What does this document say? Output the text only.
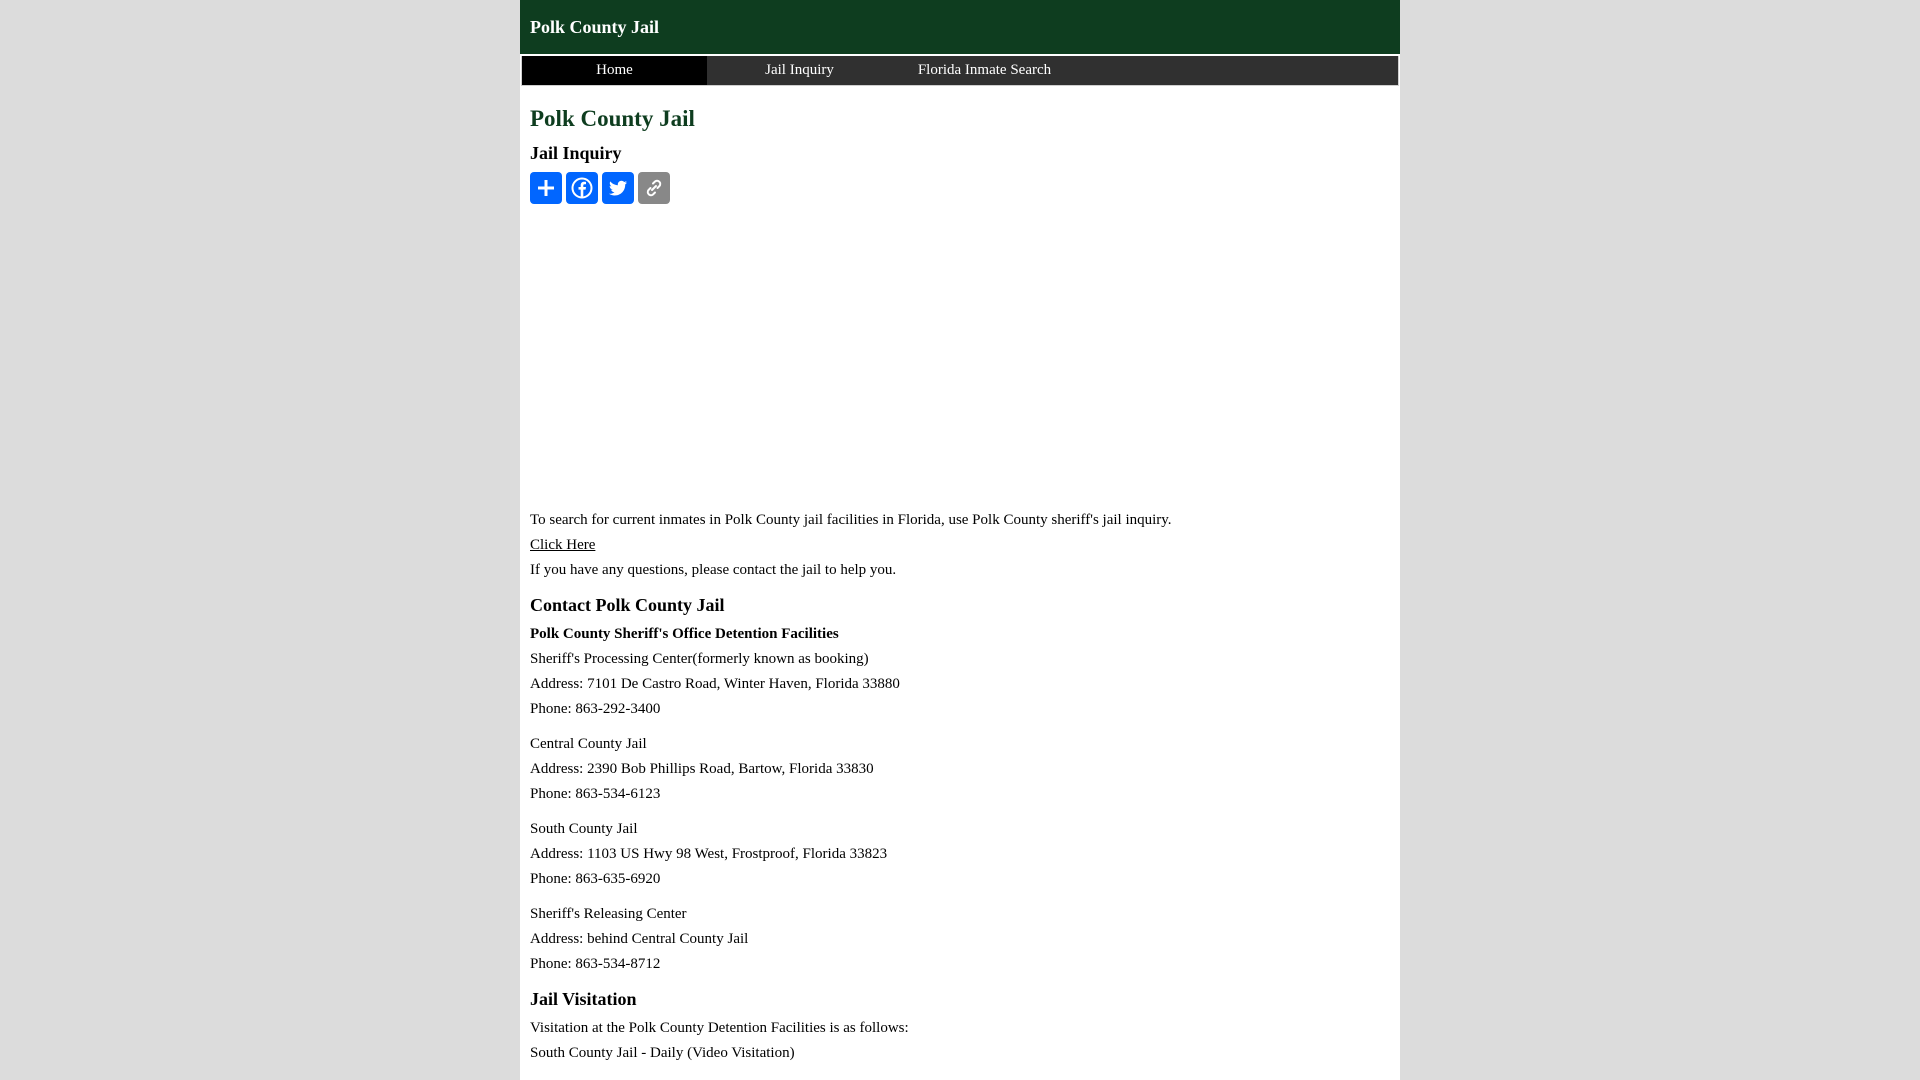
Polk County Jail
Home	Jail Inquiry	Florida Inmate Search
Polk County Jail
Jail Inquiry

To search for current inmates in Polk County jail facilities in Florida, use Polk County sheriff's jail inquiry.

Click Here

If you have any questions, please contact the jail to help you.

Contact Polk County Jail

Polk County Sheriff's Office Detention Facilities

Sheriff's Processing Center(formerly known as booking)

Address: 7101 De Castro Road, Winter Haven, Florida 33880

Phone: 863-292-3400

Central County Jail

Address: 2390 Bob Phillips Road, Bartow, Florida 33830

Phone: 863-534-6123

South County Jail

Address: 1103 US Hwy 98 West, Frostproof, Florida 33823

Phone: 863-635-6920

Sheriff's Releasing Center

Address: behind Central County Jail

Phone: 863-534-8712

Jail Visitation

Visitation at the Polk County Detention Facilities is as follows:

South County Jail - Daily (Video Visitation)
